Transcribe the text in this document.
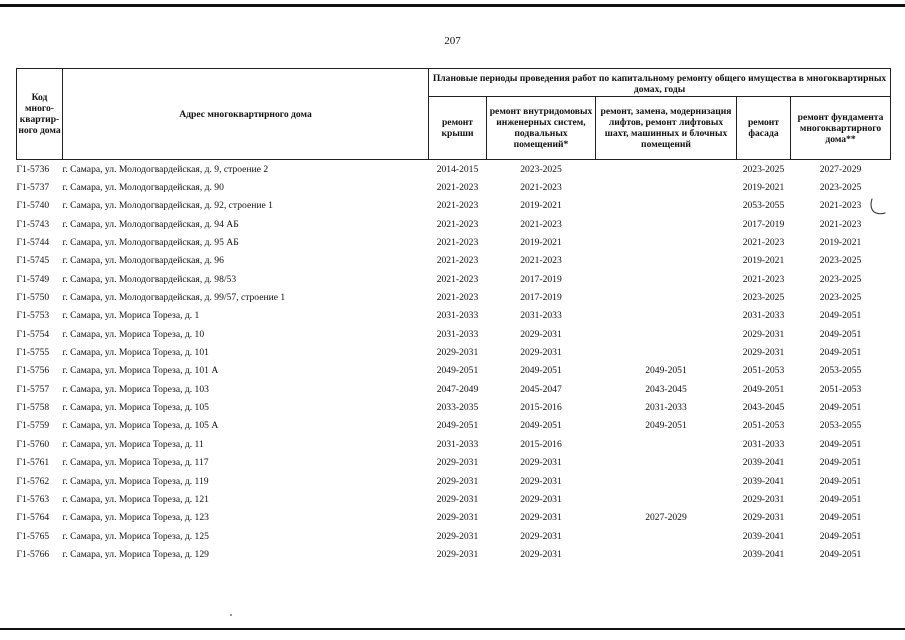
207
Код много-квартир-ного дома	Адрес многоквартирного дома	Плановые периоды проведения работ по капитальному ремонту общего имущества в многоквартирных домах, годы				
		ремонт крыши	ремонт внутридомовых инженерных систем, подвальных помещений*	ремонт, замена, модернизация лифтов, ремонт лифтовых шахт, машинных и блочных помещений	ремонт фасада	ремонт фундамента многоквартирного дома**
Г1-5736	г. Самара, ул. Молодогвардейская, д. 9, строение 2	2014-2015	2023-2025		2023-2025	2027-2029
Г1-5737	г. Самара, ул. Молодогвардейская, д. 90	2021-2023	2021-2023		2019-2021	2023-2025
Г1-5740	г. Самара, ул. Молодогвардейская, д. 92, строение 1	2021-2023	2019-2021		2053-2055	2021-2023
Г1-5743	г. Самара, ул. Молодогвардейская, д. 94 АБ	2021-2023	2021-2023		2017-2019	2021-2023
Г1-5744	г. Самара, ул. Молодогвардейская, д. 95 АБ	2021-2023	2019-2021		2021-2023	2019-2021
Г1-5745	г. Самара, ул. Молодогвардейская, д. 96	2021-2023	2021-2023		2019-2021	2023-2025
Г1-5749	г. Самара, ул. Молодогвардейская, д. 98/53	2021-2023	2017-2019		2021-2023	2023-2025
Г1-5750	г. Самара, ул. Молодогвардейская, д. 99/57, строение 1	2021-2023	2017-2019		2023-2025	2023-2025
Г1-5753	г. Самара, ул. Мориса Тореза, д. 1	2031-2033	2031-2033		2031-2033	2049-2051
Г1-5754	г. Самара, ул. Мориса Тореза, д. 10	2031-2033	2029-2031		2029-2031	2049-2051
Г1-5755	г. Самара, ул. Мориса Тореза, д. 101	2029-2031	2029-2031		2029-2031	2049-2051
Г1-5756	г. Самара, ул. Мориса Тореза, д. 101 А	2049-2051	2049-2051	2049-2051	2051-2053	2053-2055
Г1-5757	г. Самара, ул. Мориса Тореза, д. 103	2047-2049	2045-2047	2043-2045	2049-2051	2051-2053
Г1-5758	г. Самара, ул. Мориса Тореза, д. 105	2033-2035	2015-2016	2031-2033	2043-2045	2049-2051
Г1-5759	г. Самара, ул. Мориса Тореза, д. 105 А	2049-2051	2049-2051	2049-2051	2051-2053	2053-2055
Г1-5760	г. Самара, ул. Мориса Тореза, д. 11	2031-2033	2015-2016		2031-2033	2049-2051
Г1-5761	г. Самара, ул. Мориса Тореза, д. 117	2029-2031	2029-2031		2039-2041	2049-2051
Г1-5762	г. Самара, ул. Мориса Тореза, д. 119	2029-2031	2029-2031		2039-2041	2049-2051
Г1-5763	г. Самара, ул. Мориса Тореза, д. 121	2029-2031	2029-2031		2029-2031	2049-2051
Г1-5764	г. Самара, ул. Мориса Тореза, д. 123	2029-2031	2029-2031	2027-2029	2029-2031	2049-2051
Г1-5765	г. Самара, ул. Мориса Тореза, д. 125	2029-2031	2029-2031		2039-2041	2049-2051
Г1-5766	г. Самара, ул. Мориса Тореза, д. 129	2029-2031	2029-2031		2039-2041	2049-2051
